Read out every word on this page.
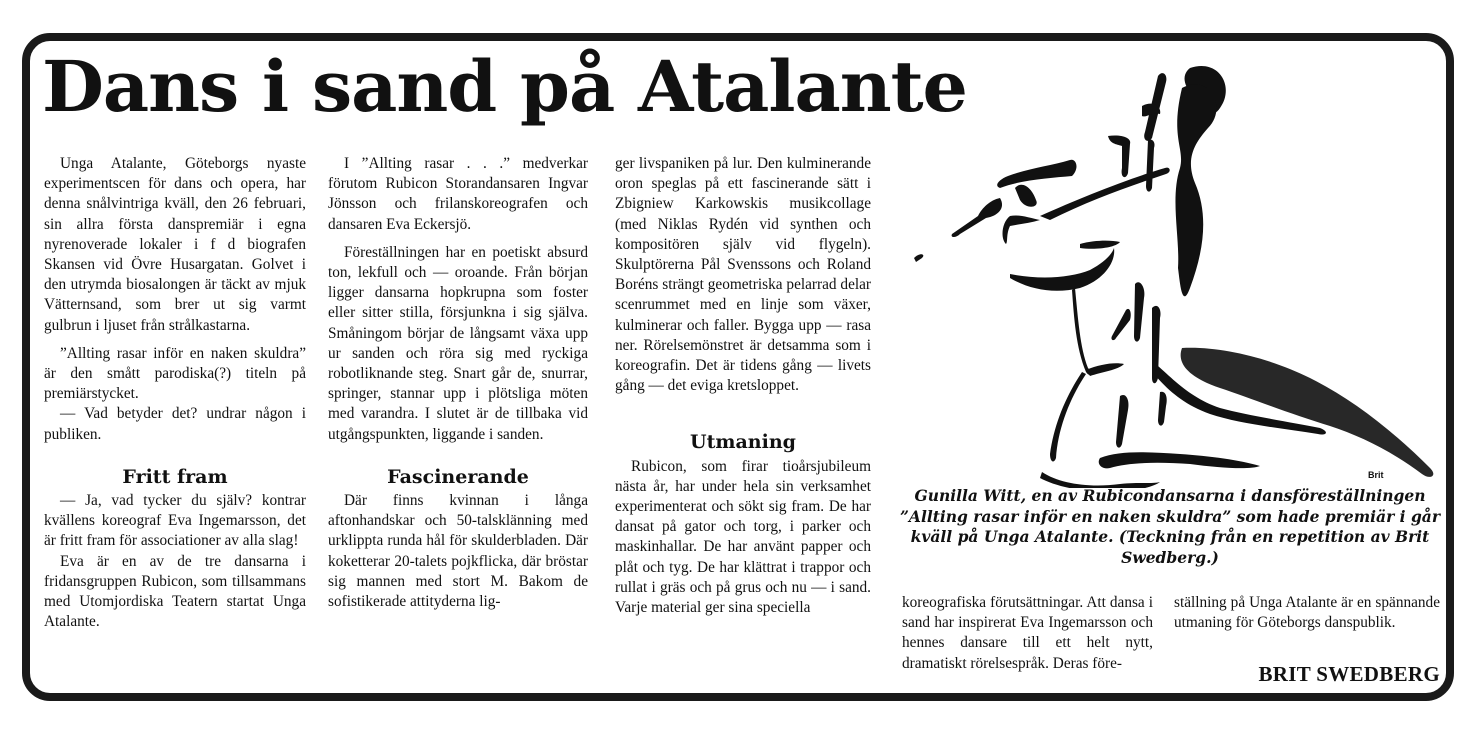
Dans i sand på Atalante

Unga Atalante, Göteborgs nyaste experimentscen för dans och opera, har denna snålvintriga kväll, den 26 februari, sin allra första danspremiär i egna nyrenoverade lokaler i f d biografen Skansen vid Övre Husargatan. Golvet i den utrymda biosalongen är täckt av mjuk Vätternsand, som brer ut sig varmt gulbrun i ljuset från strålkastarna.

”Allting rasar inför en naken skuldra” är den smått parodiska(?) titeln på premiärstycket.

— Vad betyder det? undrar någon i publiken.

Fritt fram

— Ja, vad tycker du själv? kontrar kvällens koreograf Eva Ingemarsson, det är fritt fram för associationer av alla slag!

Eva är en av de tre dansarna i fridansgruppen Rubicon, som tillsammans med Utomjordiska Teatern startat Unga Atalante.

I ”Allting rasar . . .” medverkar förutom Rubicon Storandansaren Ingvar Jönsson och frilanskoreografen och dansaren Eva Eckersjö.

Föreställningen har en poetiskt absurd ton, lekfull och — oroande. Från början ligger dansarna hopkrupna som foster eller sitter stilla, försjunkna i sig själva. Småningom börjar de långsamt växa upp ur sanden och röra sig med ryckiga robotliknande steg. Snart går de, snurrar, springer, stannar upp i plötsliga möten med varandra. I slutet är de tillbaka vid utgångspunkten, liggande i sanden.

Fascinerande

Där finns kvinnan i långa aftonhandskar och 50-talsklänning med urklippta runda hål för skulderbladen. Där koketterar 20-talets pojkflicka, där bröstar sig mannen med stort M. Bakom de sofistikerade attityderna lig-

ger livspaniken på lur. Den kulminerande oron speglas på ett fascinerande sätt i Zbigniew Karkowskis musikcollage (med Niklas Rydén vid synthen och kompositören själv vid flygeln). Skulptörerna Pål Svenssons och Roland Boréns strängt geometriska pelarrad delar scenrummet med en linje som växer, kulminerar och faller. Bygga upp — rasa ner. Rörelsemönstret är detsamma som i koreografin. Det är tidens gång — livets gång — det eviga kretsloppet.

Utmaning

Rubicon, som firar tioårsjubileum nästa år, har under hela sin verksamhet experimenterat och sökt sig fram. De har dansat på gator och torg, i parker och maskinhallar. De har använt papper och plåt och tyg. De har klättrat i trappor och rullat i gräs och på grus och nu — i sand. Varje material ger sina speciella

Brit
Gunilla Witt, en av Rubicondansarna i dansföreställningen ”Allting rasar inför en naken skuldra” som hade premiär i går kväll på Unga Atalante. (Teckning från en repetition av Brit Swedberg.)

koreografiska förutsättningar. Att dansa i sand har inspirerat Eva Ingemarsson och hennes dansare till ett helt nytt, dramatiskt rörelsespråk. Deras före-

ställning på Unga Atalante är en spännande utmaning för Göteborgs danspublik.

BRIT SWEDBERG
